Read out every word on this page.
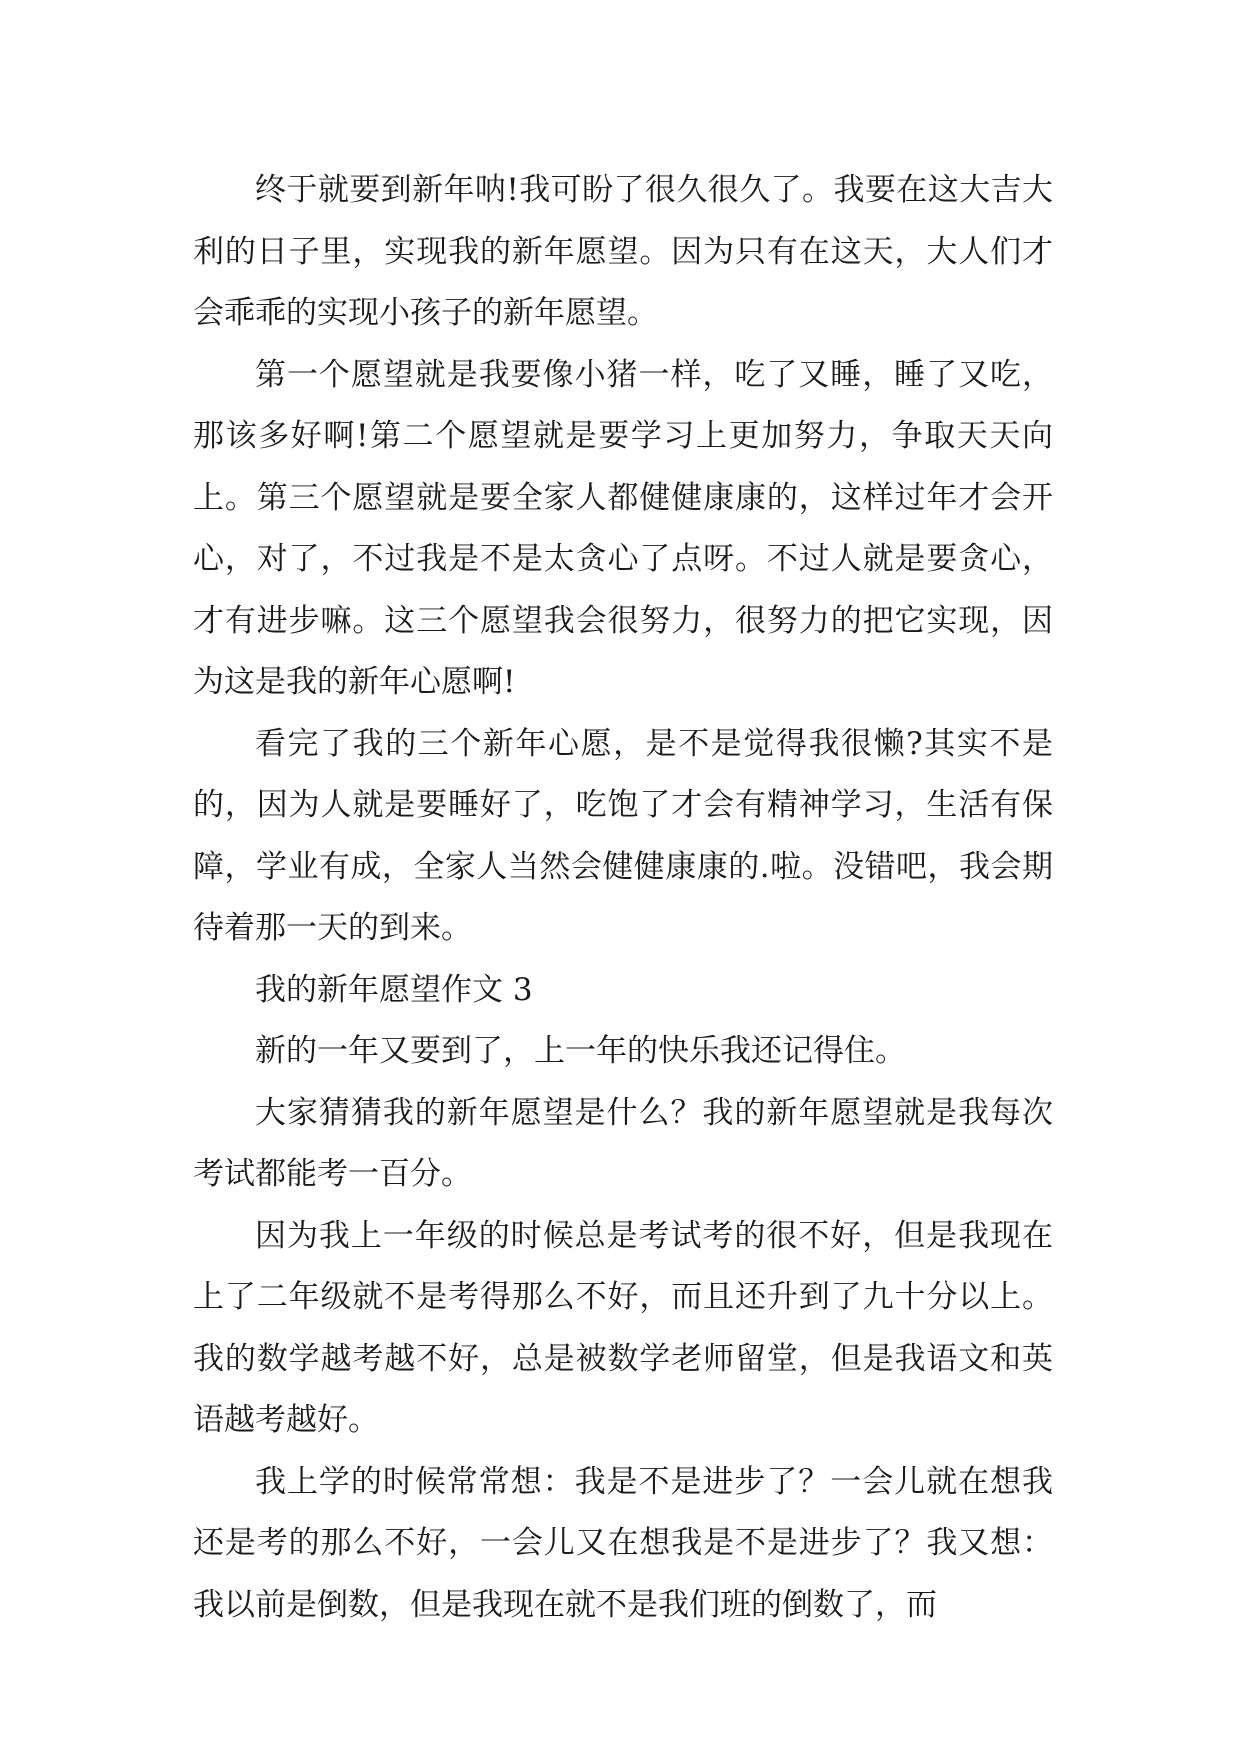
终于就要到新年呐!我可盼了很久很久了。我要在这大吉大利的日子里，实现我的新年愿望。因为只有在这天，大人们才会乖乖的实现小孩子的新年愿望。

第一个愿望就是我要像小猪一样，吃了又睡，睡了又吃，那该多好啊!第二个愿望就是要学习上更加努力，争取天天向上。第三个愿望就是要全家人都健健康康的，这样过年才会开心，对了，不过我是不是太贪心了点呀。不过人就是要贪心，才有进步嘛。这三个愿望我会很努力，很努力的把它实现，因为这是我的新年心愿啊!

看完了我的三个新年心愿，是不是觉得我很懒?其实不是的，因为人就是要睡好了，吃饱了才会有精神学习，生活有保障，学业有成，全家人当然会健健康康的.啦。没错吧，我会期待着那一天的到来。

我的新年愿望作文 3

新的一年又要到了，上一年的快乐我还记得住。

大家猜猜我的新年愿望是什么？我的新年愿望就是我每次考试都能考一百分。

因为我上一年级的时候总是考试考的很不好，但是我现在上了二年级就不是考得那么不好，而且还升到了九十分以上。我的数学越考越不好，总是被数学老师留堂，但是我语文和英语越考越好。

我上学的时候常常想：我是不是进步了？一会儿就在想我还是考的那么不好，一会儿又在想我是不是进步了？我又想：我以前是倒数，但是我现在就不是我们班的倒数了，而
